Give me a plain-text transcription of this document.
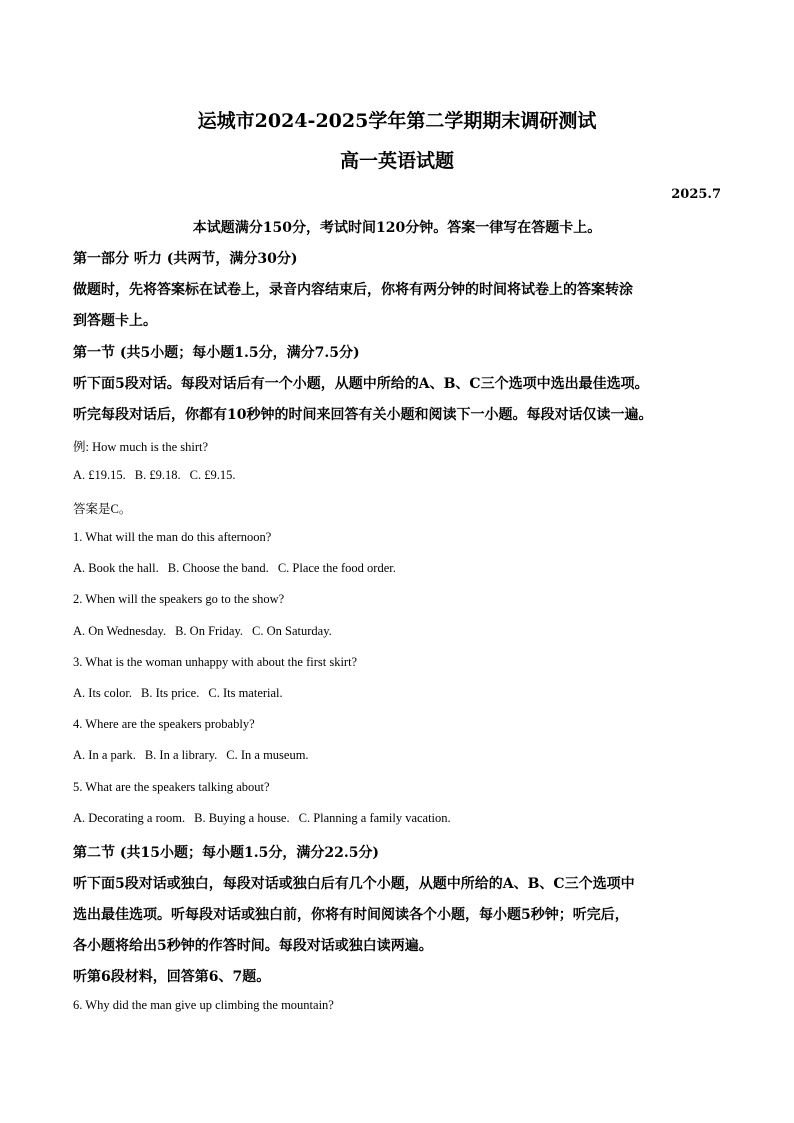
运城市2024-2025学年第二学期期末调研测试
高一英语试题
2025.7
本试题满分150分，考试时间120分钟。答案一律写在答题卡上。
第一部分 听力 (共两节，满分30分)
做题时，先将答案标在试卷上，录音内容结束后，你将有两分钟的时间将试卷上的答案转涂
到答题卡上。
第一节 (共5小题；每小题1.5分，满分7.5分)
听下面5段对话。每段对话后有一个小题，从题中所给的A、B、C三个选项中选出最佳选项。
听完每段对话后，你都有10秒钟的时间来回答有关小题和阅读下一小题。每段对话仅读一遍。
例: How much is the shirt?
A. £19.15. B. £9.18. C. £9.15.
答案是C。
1. What will the man do this afternoon?
A. Book the hall. B. Choose the band. C. Place the food order.
2. When will the speakers go to the show?
A. On Wednesday. B. On Friday. C. On Saturday.
3. What is the woman unhappy with about the first skirt?
A. Its color. B. Its price. C. Its material.
4. Where are the speakers probably?
A. In a park. B. In a library. C. In a museum.
5. What are the speakers talking about?
A. Decorating a room. B. Buying a house. C. Planning a family vacation.
第二节 (共15小题；每小题1.5分，满分22.5分)
听下面5段对话或独白，每段对话或独白后有几个小题，从题中所给的A、B、C三个选项中
选出最佳选项。听每段对话或独白前，你将有时间阅读各个小题，每小题5秒钟；听完后，
各小题将给出5秒钟的作答时间。每段对话或独白读两遍。
听第6段材料，回答第6、7题。
6. Why did the man give up climbing the mountain?
